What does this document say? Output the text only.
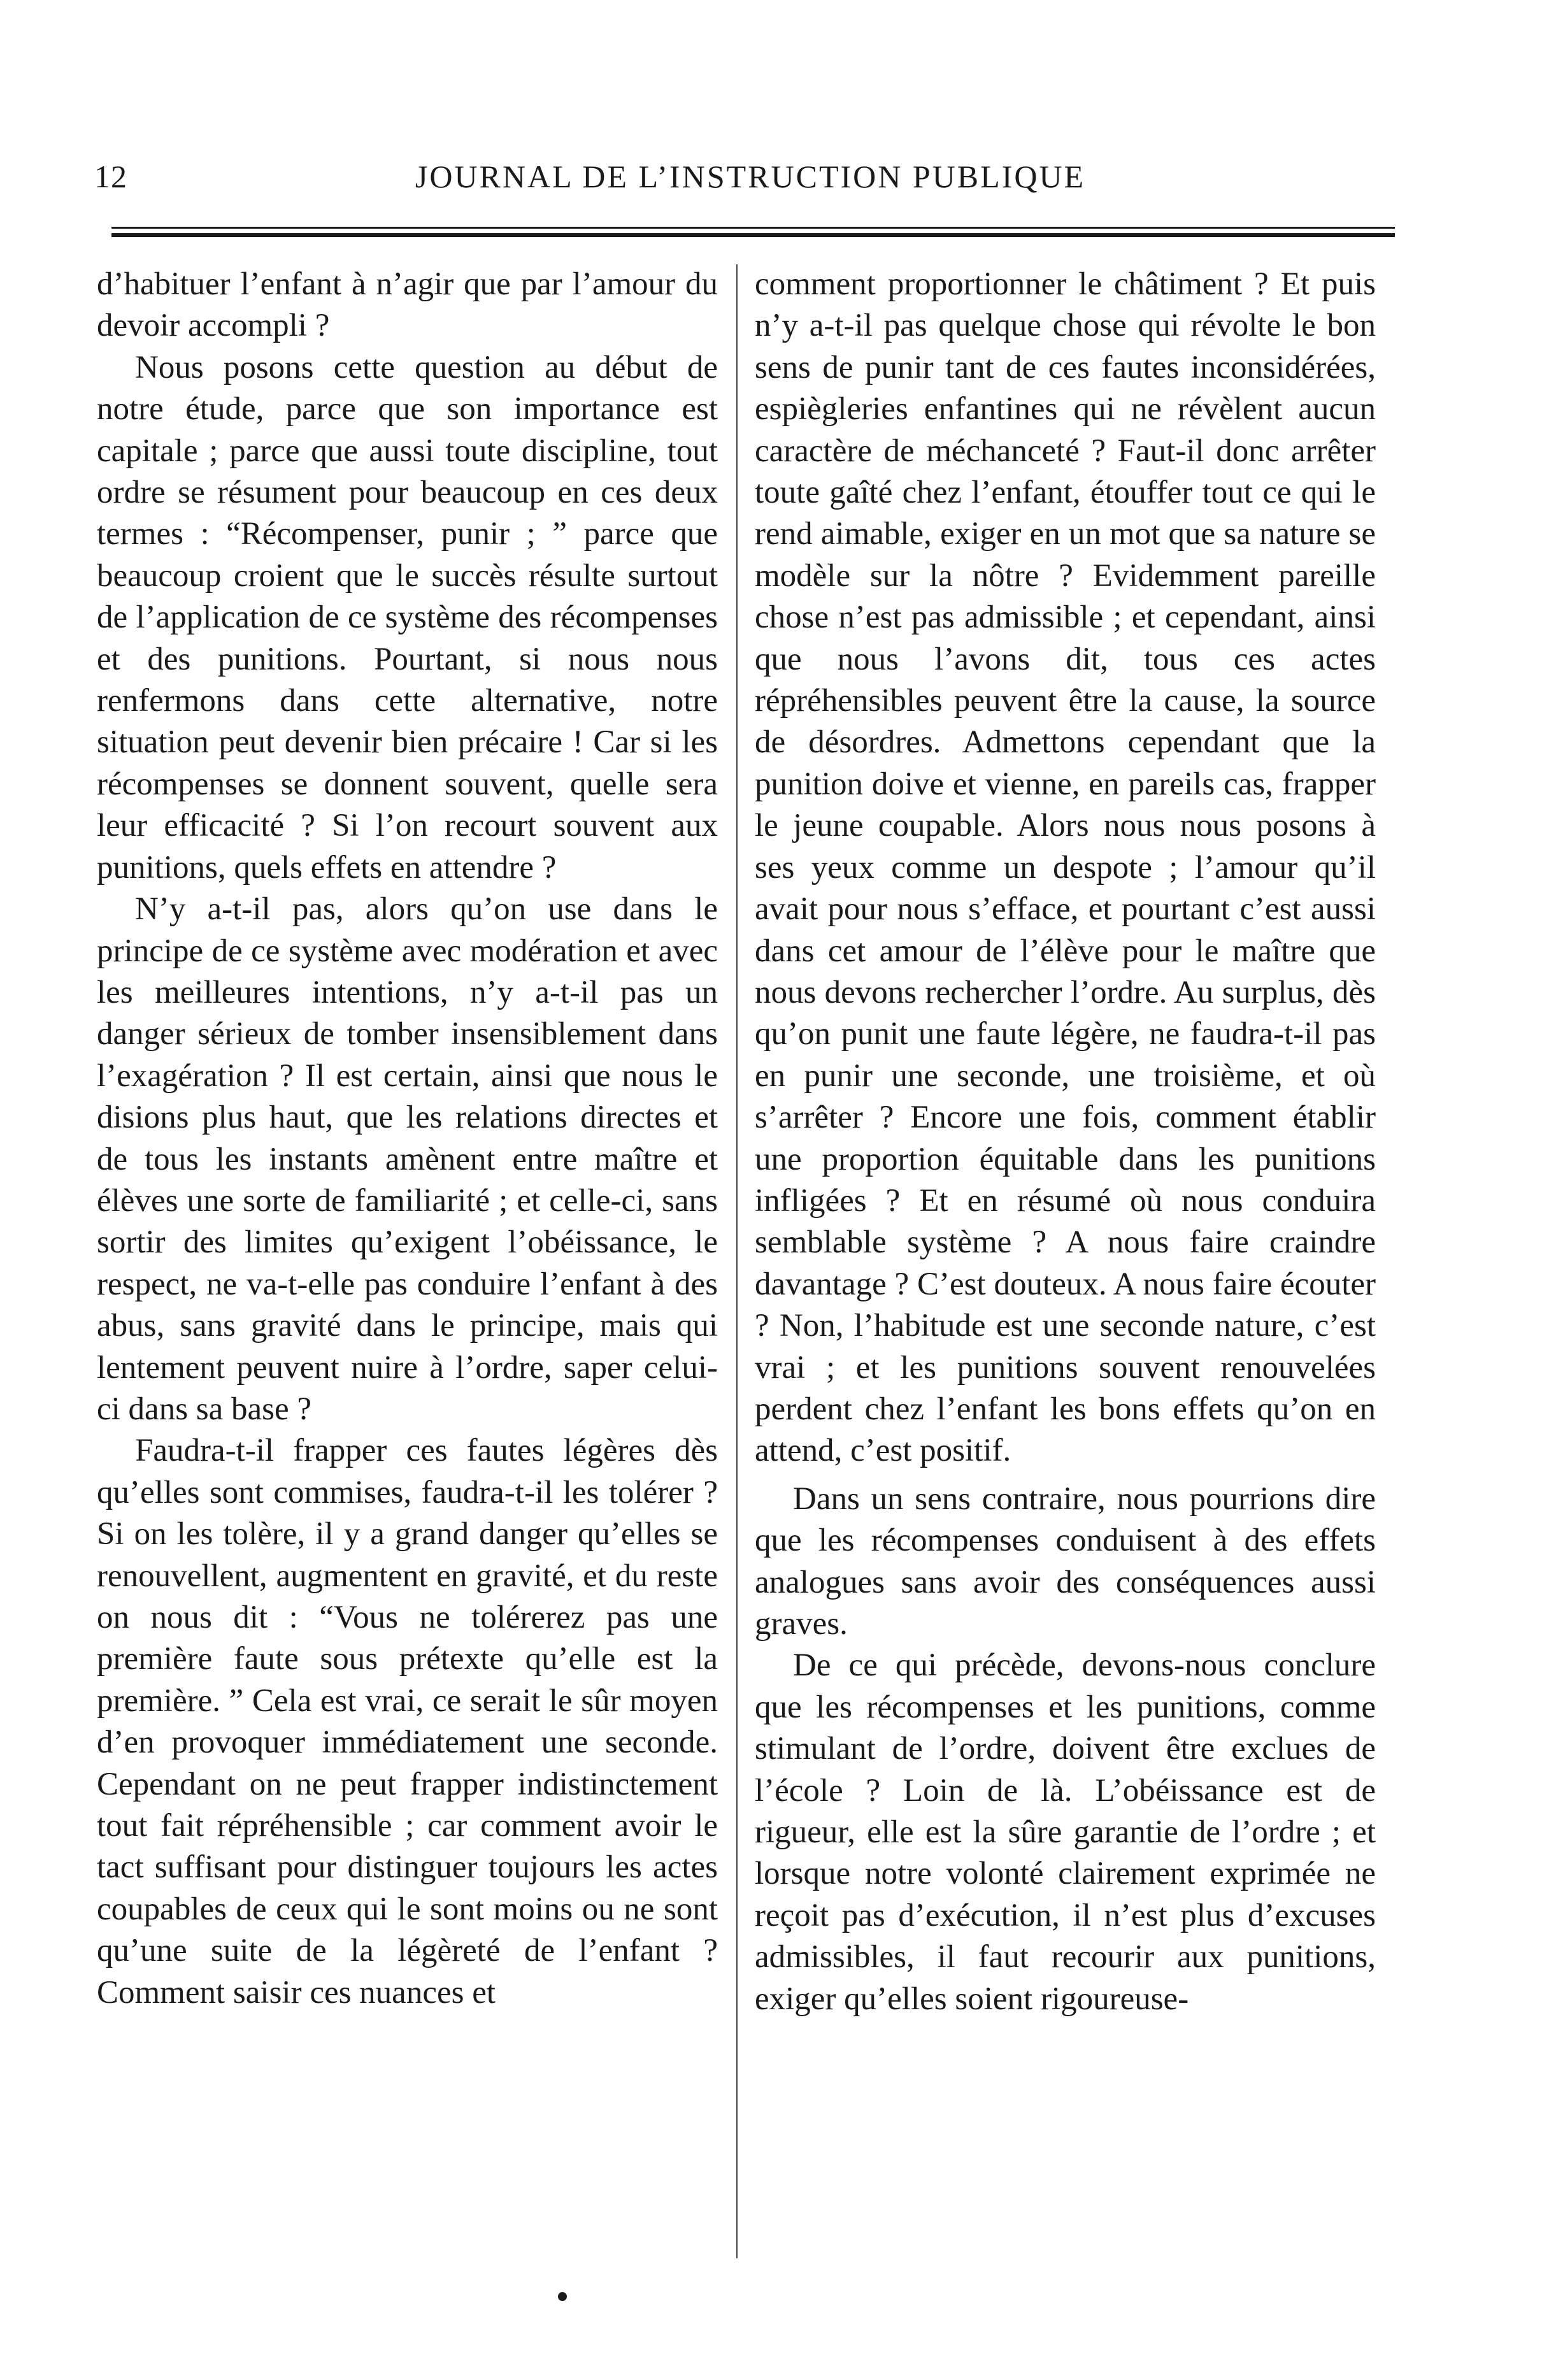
12	JOURNAL DE L’INSTRUCTION PUBLIQUE

d’habituer l’enfant à n’agir que par l’amour du devoir accompli ?

Nous posons cette question au début de notre étude, parce que son importance est capitale ; parce que aussi toute discipline, tout ordre se résument pour beaucoup en ces deux termes : “Récompenser, punir ; ” parce que beaucoup croient que le succès résulte surtout de l’application de ce système des récompenses et des punitions. Pourtant, si nous nous renfermons dans cette alternative, notre situation peut devenir bien précaire ! Car si les récompenses se donnent souvent, quelle sera leur efficacité ? Si l’on recourt souvent aux punitions, quels effets en attendre ?

N’y a-t-il pas, alors qu’on use dans le principe de ce système avec modération et avec les meilleures intentions, n’y a-t-il pas un danger sérieux de tomber insensiblement dans l’exagération ? Il est certain, ainsi que nous le disions plus haut, que les relations directes et de tous les instants amènent entre maître et élèves une sorte de familiarité ; et celle-ci, sans sortir des limites qu’exigent l’obéissance, le respect, ne va-t-elle pas conduire l’enfant à des abus, sans gravité dans le principe, mais qui lentement peuvent nuire à l’ordre, saper celui-ci dans sa base ?

Faudra-t-il frapper ces fautes légères dès qu’elles sont commises, faudra-t-il les tolérer ? Si on les tolère, il y a grand danger qu’elles se renouvellent, augmentent en gravité, et du reste on nous dit : “Vous ne tolérerez pas une première faute sous prétexte qu’elle est la première. ” Cela est vrai, ce serait le sûr moyen d’en provoquer immédiatement une seconde. Cependant on ne peut frapper indistinctement tout fait répréhensible ; car comment avoir le tact suffisant pour distinguer toujours les actes coupables de ceux qui le sont moins ou ne sont qu’une suite de la légèreté de l’enfant ? Comment saisir ces nuances et

comment proportionner le châtiment ? Et puis n’y a-t-il pas quelque chose qui révolte le bon sens de punir tant de ces fautes inconsidérées, espiègleries enfantines qui ne révèlent aucun caractère de méchanceté ? Faut-il donc arrêter toute gaîté chez l’enfant, étouffer tout ce qui le rend aimable, exiger en un mot que sa nature se modèle sur la nôtre ? Evidemment pareille chose n’est pas admissible ; et cependant, ainsi que nous l’avons dit, tous ces actes répréhensibles peuvent être la cause, la source de désordres. Admettons cependant que la punition doive et vienne, en pareils cas, frapper le jeune coupable. Alors nous nous posons à ses yeux comme un despote ; l’amour qu’il avait pour nous s’efface, et pourtant c’est aussi dans cet amour de l’élève pour le maître que nous devons rechercher l’ordre. Au surplus, dès qu’on punit une faute légère, ne faudra-t-il pas en punir une seconde, une troisième, et où s’arrêter ? Encore une fois, comment établir une proportion équitable dans les punitions infligées ? Et en résumé où nous conduira semblable système ? A nous faire craindre davantage ? C’est douteux. A nous faire écouter ? Non, l’habitude est une seconde nature, c’est vrai ; et les punitions souvent renouvelées perdent chez l’enfant les bons effets qu’on en attend, c’est positif.

Dans un sens contraire, nous pourrions dire que les récompenses conduisent à des effets analogues sans avoir des conséquences aussi graves.

De ce qui précède, devons-nous conclure que les récompenses et les punitions, comme stimulant de l’ordre, doivent être exclues de l’école ? Loin de là. L’obéissance est de rigueur, elle est la sûre garantie de l’ordre ; et lorsque notre volonté clairement exprimée ne reçoit pas d’exécution, il n’est plus d’excuses admissibles, il faut recourir aux punitions, exiger qu’elles soient rigoureuse-
